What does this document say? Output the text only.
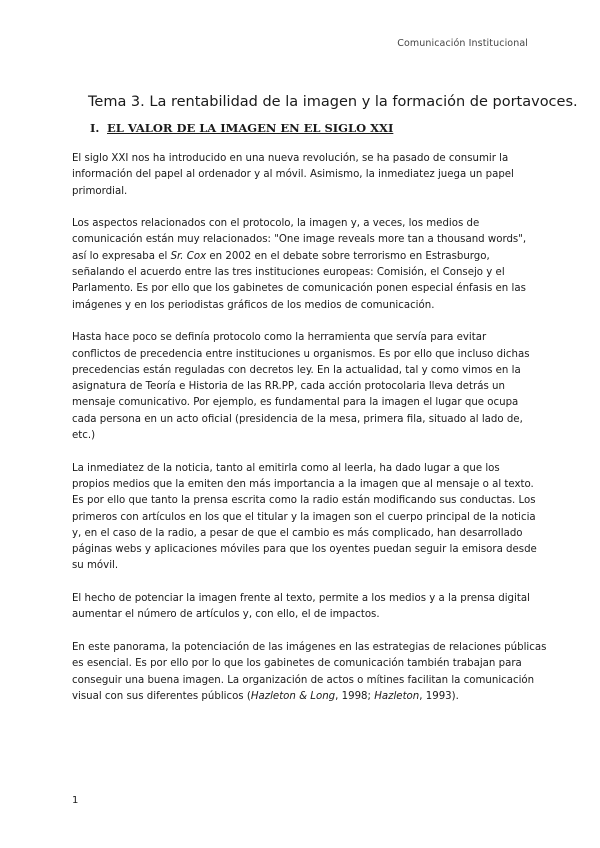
Comunicación Institucional
Tema 3. La rentabilidad de la imagen y la formación de portavoces.
I. EL VALOR DE LA IMAGEN EN EL SIGLO XXI

El siglo XXI nos ha introducido en una nueva revolución, se ha pasado de consumir la
información del papel al ordenador y al móvil. Asimismo, la inmediatez juega un papel
primordial.

Los aspectos relacionados con el protocolo, la imagen y, a veces, los medios de
comunicación están muy relacionados: "One image reveals more tan a thousand words",
así lo expresaba el Sr. Cox en 2002 en el debate sobre terrorismo en Estrasburgo,
señalando el acuerdo entre las tres instituciones europeas: Comisión, el Consejo y el
Parlamento. Es por ello que los gabinetes de comunicación ponen especial énfasis en las
imágenes y en los periodistas gráficos de los medios de comunicación.

Hasta hace poco se definía protocolo como la herramienta que servía para evitar
conflictos de precedencia entre instituciones u organismos. Es por ello que incluso dichas
precedencias están reguladas con decretos ley. En la actualidad, tal y como vimos en la
asignatura de Teoría e Historia de las RR.PP, cada acción protocolaria lleva detrás un
mensaje comunicativo. Por ejemplo, es fundamental para la imagen el lugar que ocupa
cada persona en un acto oficial (presidencia de la mesa, primera fila, situado al lado de,
etc.)

La inmediatez de la noticia, tanto al emitirla como al leerla, ha dado lugar a que los
propios medios que la emiten den más importancia a la imagen que al mensaje o al texto.
Es por ello que tanto la prensa escrita como la radio están modificando sus conductas. Los
primeros con artículos en los que el titular y la imagen son el cuerpo principal de la noticia
y, en el caso de la radio, a pesar de que el cambio es más complicado, han desarrollado
páginas webs y aplicaciones móviles para que los oyentes puedan seguir la emisora desde
su móvil.

El hecho de potenciar la imagen frente al texto, permite a los medios y a la prensa digital
aumentar el número de artículos y, con ello, el de impactos.

En este panorama, la potenciación de las imágenes en las estrategias de relaciones públicas
es esencial. Es por ello por lo que los gabinetes de comunicación también trabajan para
conseguir una buena imagen. La organización de actos o mítines facilitan la comunicación
visual con sus diferentes públicos (Hazleton & Long, 1998; Hazleton, 1993).

1
